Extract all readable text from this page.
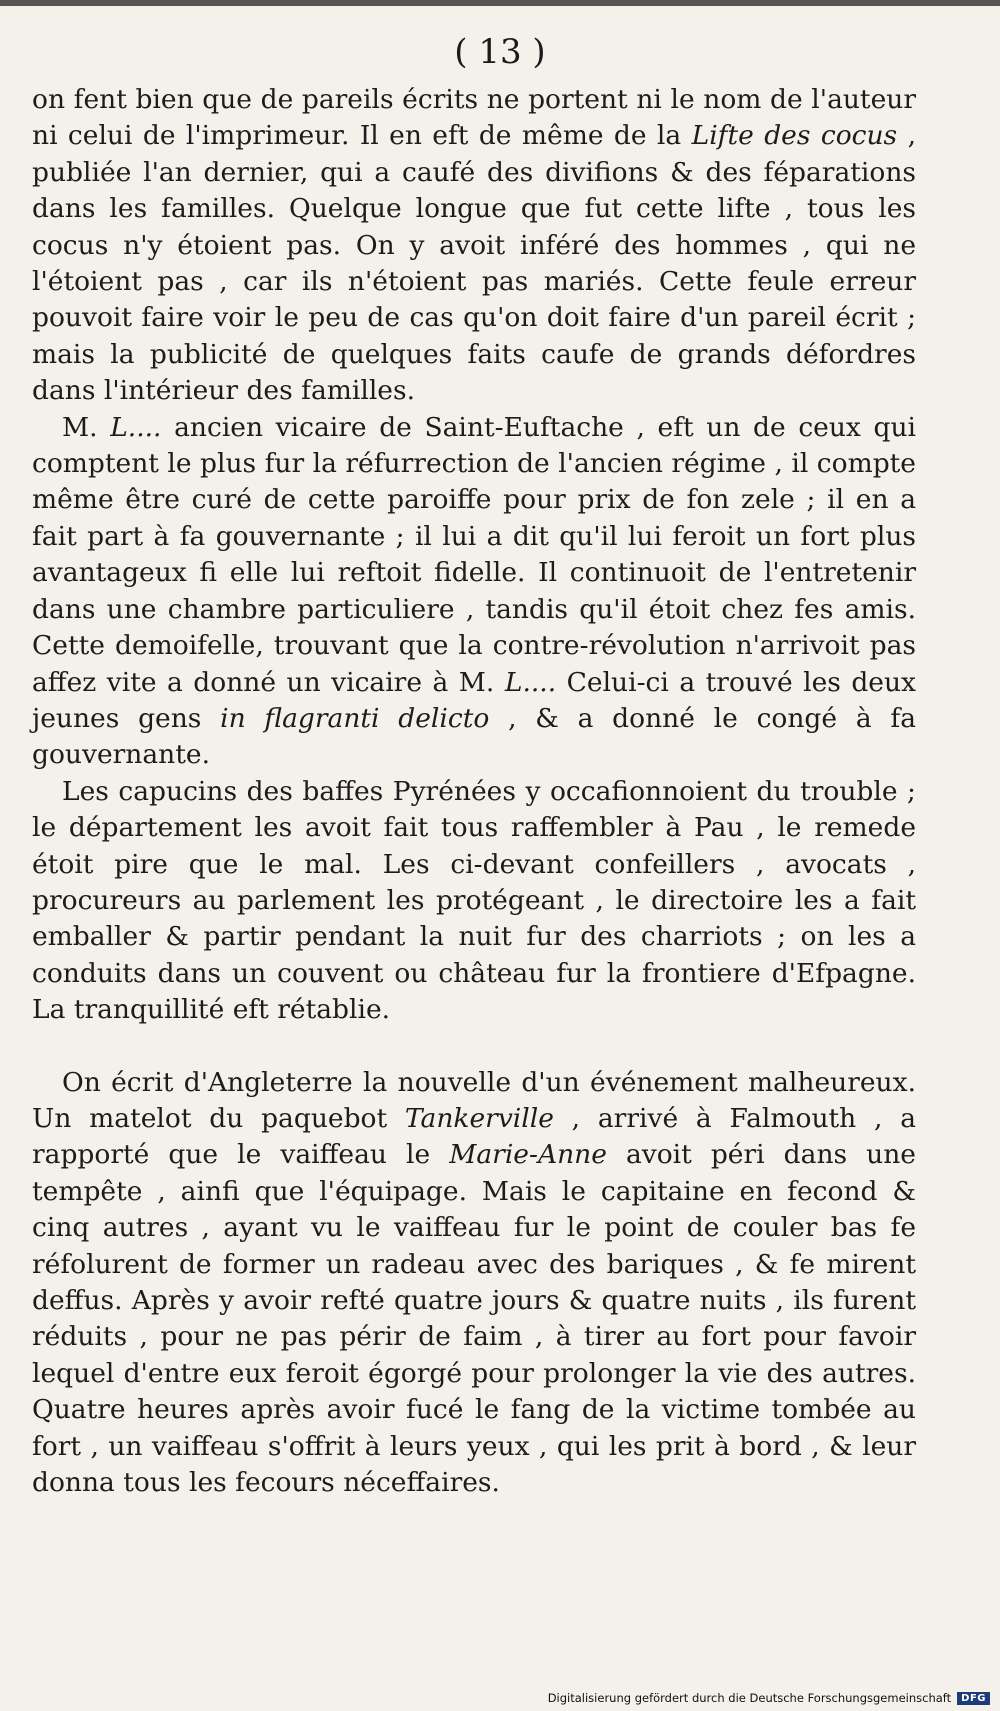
( 13 )

on fent bien que de pareils écrits ne portent ni le nom de l'auteur ni celui de l'imprimeur. Il en eft de même de la Lifte des cocus , publiée l'an dernier, qui a caufé des divifions & des féparations dans les familles. Quelque longue que fut cette lifte , tous les cocus n'y étoient pas. On y avoit inféré des hommes , qui ne l'étoient pas , car ils n'étoient pas mariés. Cette feule erreur pouvoit faire voir le peu de cas qu'on doit faire d'un pareil écrit ; mais la publicité de quelques faits caufe de grands défordres dans l'intérieur des familles.

M. L.... ancien vicaire de Saint-Euftache , eft un de ceux qui comptent le plus fur la réfurrection de l'ancien régime , il compte même être curé de cette paroiffe pour prix de fon zele ; il en a fait part à fa gouvernante ; il lui a dit qu'il lui feroit un fort plus avantageux fi elle lui reftoit fidelle. Il continuoit de l'entretenir dans une chambre particuliere , tandis qu'il étoit chez fes amis. Cette demoifelle, trouvant que la contre-révolution n'arrivoit pas affez vite a donné un vicaire à M. L.... Celui-ci a trouvé les deux jeunes gens in flagranti delicto , & a donné le congé à fa gouvernante.

Les capucins des baffes Pyrénées y occafionnoient du trouble ; le département les avoit fait tous raffembler à Pau , le remede étoit pire que le mal. Les ci-devant confeillers , avocats , procureurs au parlement les protégeant , le directoire les a fait emballer & partir pendant la nuit fur des charriots ; on les a conduits dans un couvent ou château fur la frontiere d'Efpagne. La tranquillité eft rétablie.

On écrit d'Angleterre la nouvelle d'un événement malheureux. Un matelot du paquebot Tankerville , arrivé à Falmouth , a rapporté que le vaiffeau le Marie-Anne avoit péri dans une tempête , ainfi que l'équipage. Mais le capitaine en fecond & cinq autres , ayant vu le vaiffeau fur le point de couler bas fe réfolurent de former un radeau avec des bariques , & fe mirent deffus. Après y avoir refté quatre jours & quatre nuits , ils furent réduits , pour ne pas périr de faim , à tirer au fort pour favoir lequel d'entre eux feroit égorgé pour prolonger la vie des autres. Quatre heures après avoir fucé le fang de la victime tombée au fort , un vaiffeau s'offrit à leurs yeux , qui les prit à bord , & leur donna tous les fecours néceffaires.

Digitalisierung gefördert durch die Deutsche Forschungsgemeinschaft	DFG
